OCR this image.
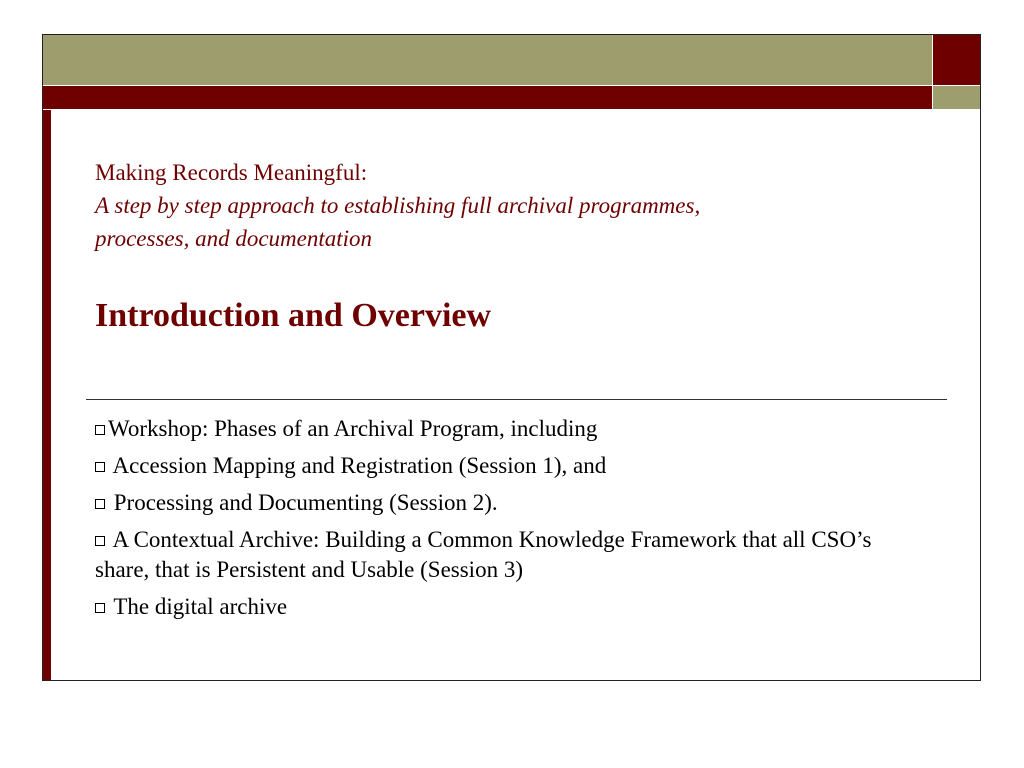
Making Records Meaningful:

A step by step approach to establishing full archival programmes,

processes, and documentation

Introduction and Overview

Workshop: Phases of an Archival Program, including

Accession Mapping and Registration (Session 1), and

Processing and Documenting (Session 2).

A Contextual Archive: Building a Common Knowledge Framework that all CSO’s share, that is Persistent and Usable (Session 3)

The digital archive
